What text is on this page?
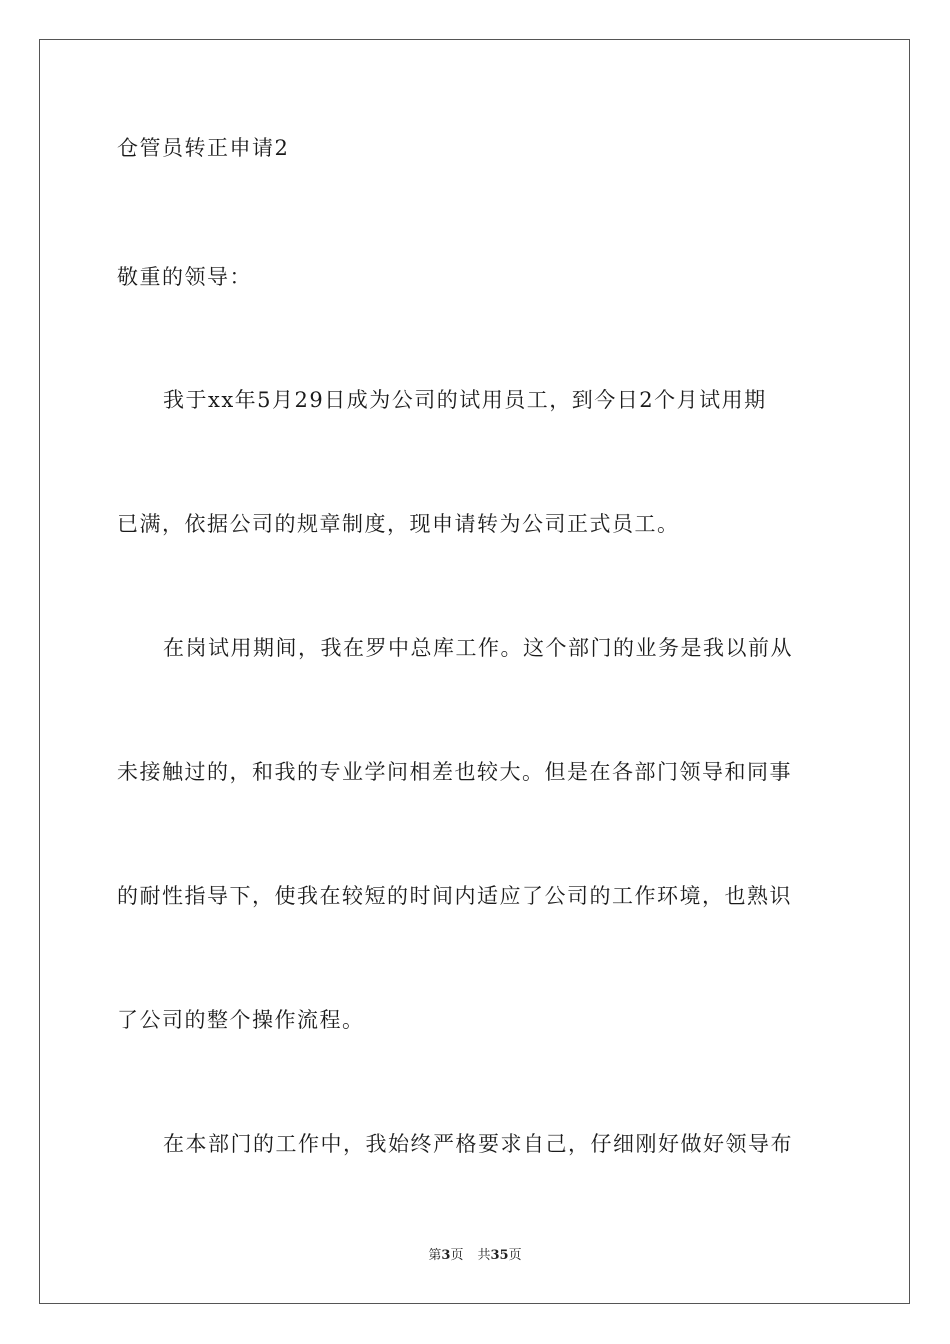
仓管员转正申请2
敬重的领导：
我于xx年5月29日成为公司的试用员工，到今日2个月试用期
已满，依据公司的规章制度，现申请转为公司正式员工。
在岗试用期间，我在罗中总库工作。这个部门的业务是我以前从
未接触过的，和我的专业学问相差也较大。但是在各部门领导和同事
的耐性指导下，使我在较短的时间内适应了公司的工作环境，也熟识
了公司的整个操作流程。
在本部门的工作中，我始终严格要求自己，仔细刚好做好领导布
第3页 共35页
